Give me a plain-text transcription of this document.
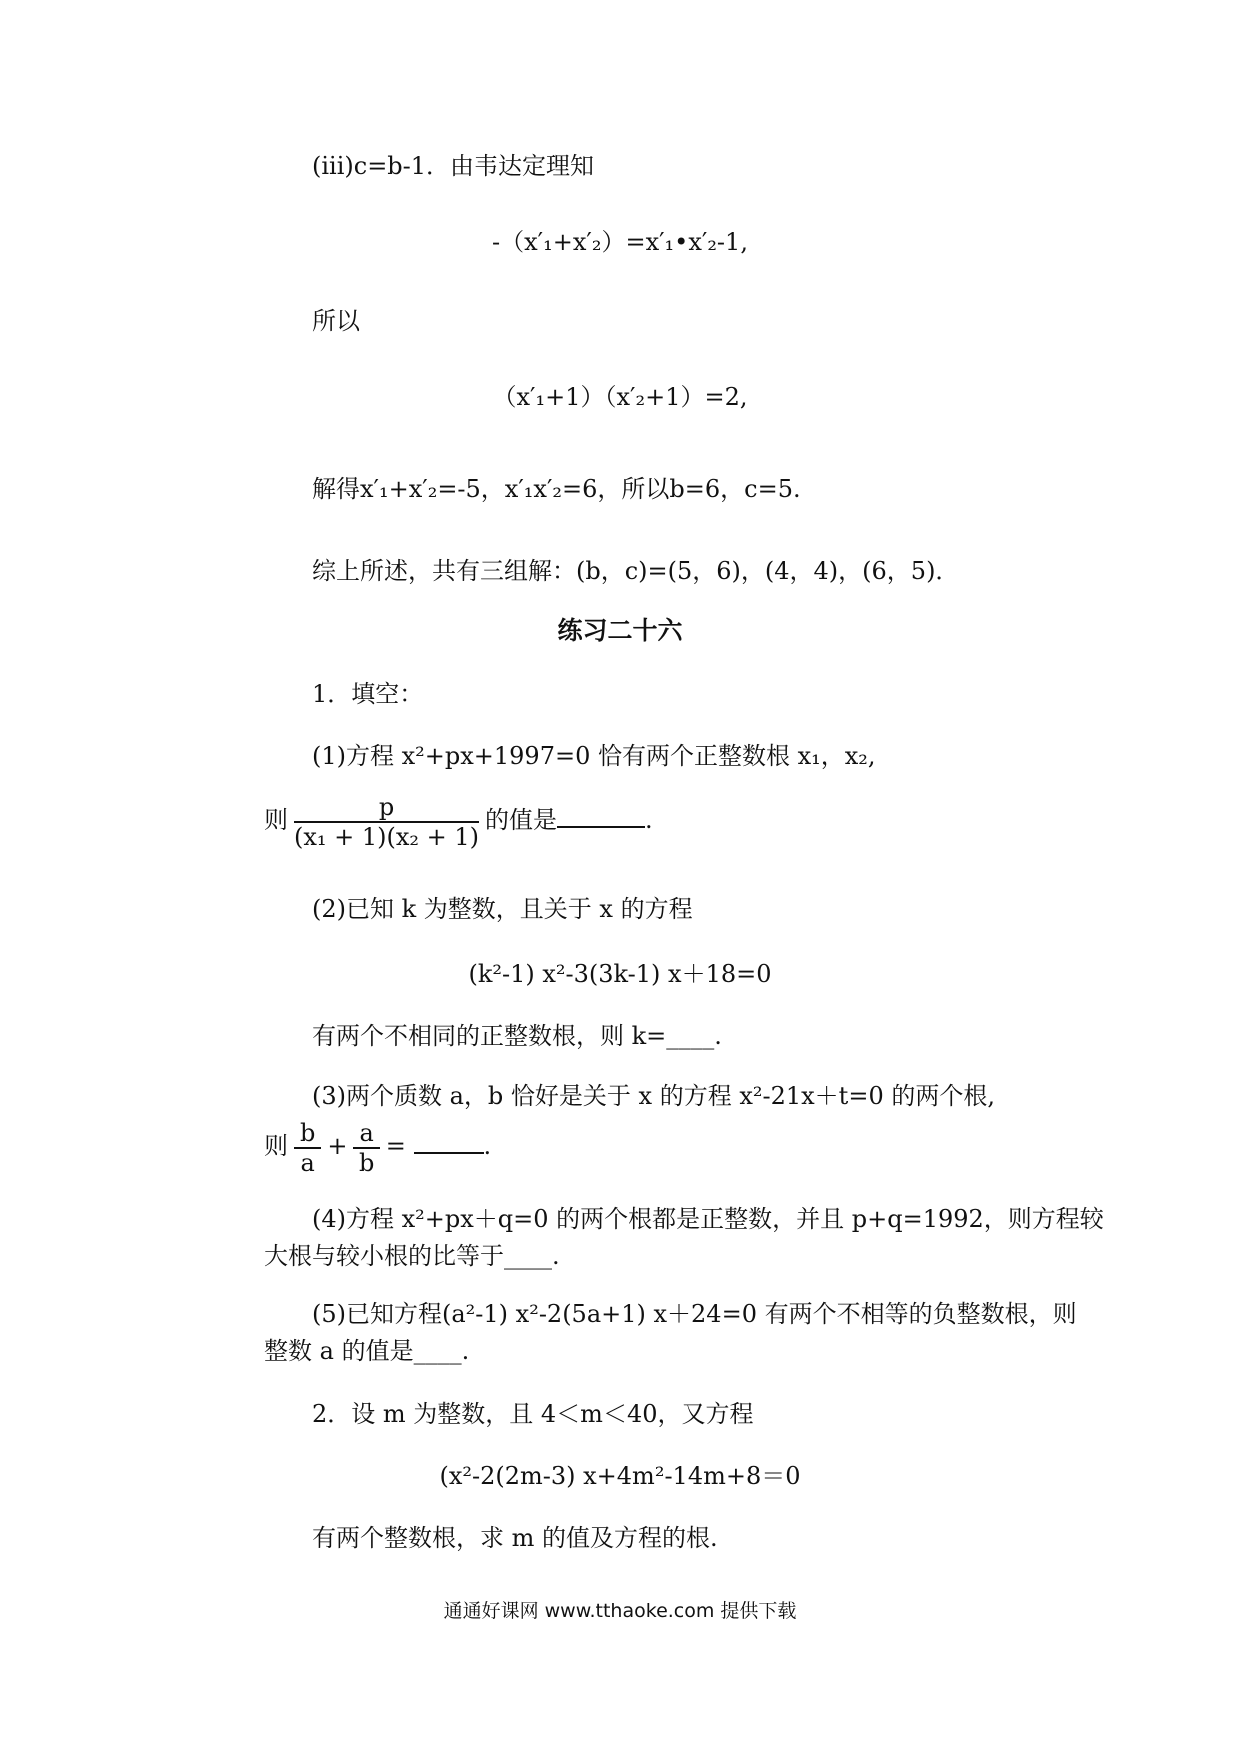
(iii)c=b-1．由韦达定理知
-（x′₁+x′₂）=x′₁•x′₂-1,
所以
（x′₁+1）（x′₂+1）=2,
解得x′₁+x′₂=-5，x′₁x′₂=6，所以b=6，c=5.
综上所述，共有三组解：(b，c)=(5，6)，(4，4)，(6，5)．
练习二十六
1．填空：
(1)方程 x²+px+1997=0 恰有两个正整数根 x₁，x₂,
则 $\frac{p}{\text{(x₁ + 1)(x₂ + 1)}}$ 的值是	.
(2)已知 k 为整数，且关于 x 的方程
(k²-1) x²-3(3k-1) x＋18=0
有两个不相同的正整数根，则 k=____.
(3)两个质数 a，b 恰好是关于 x 的方程 x²-21x＋t=0 的两个根,
则 $\frac{b}{a} + \frac{a}{b}$ =	.
(4)方程 x²+px＋q=0 的两个根都是正整数，并且 p+q=1992，则方程较
大根与较小根的比等于____.
(5)已知方程(a²-1) x²-2(5a+1) x＋24=0 有两个不相等的负整数根，则
整数 a 的值是____.
2．设 m 为整数，且 4＜m＜40，又方程
(x²-2(2m-3) x+4m²-14m+8＝0
有两个整数根，求 m 的值及方程的根.
通通好课网 www.tthaoke.com 提供下载
